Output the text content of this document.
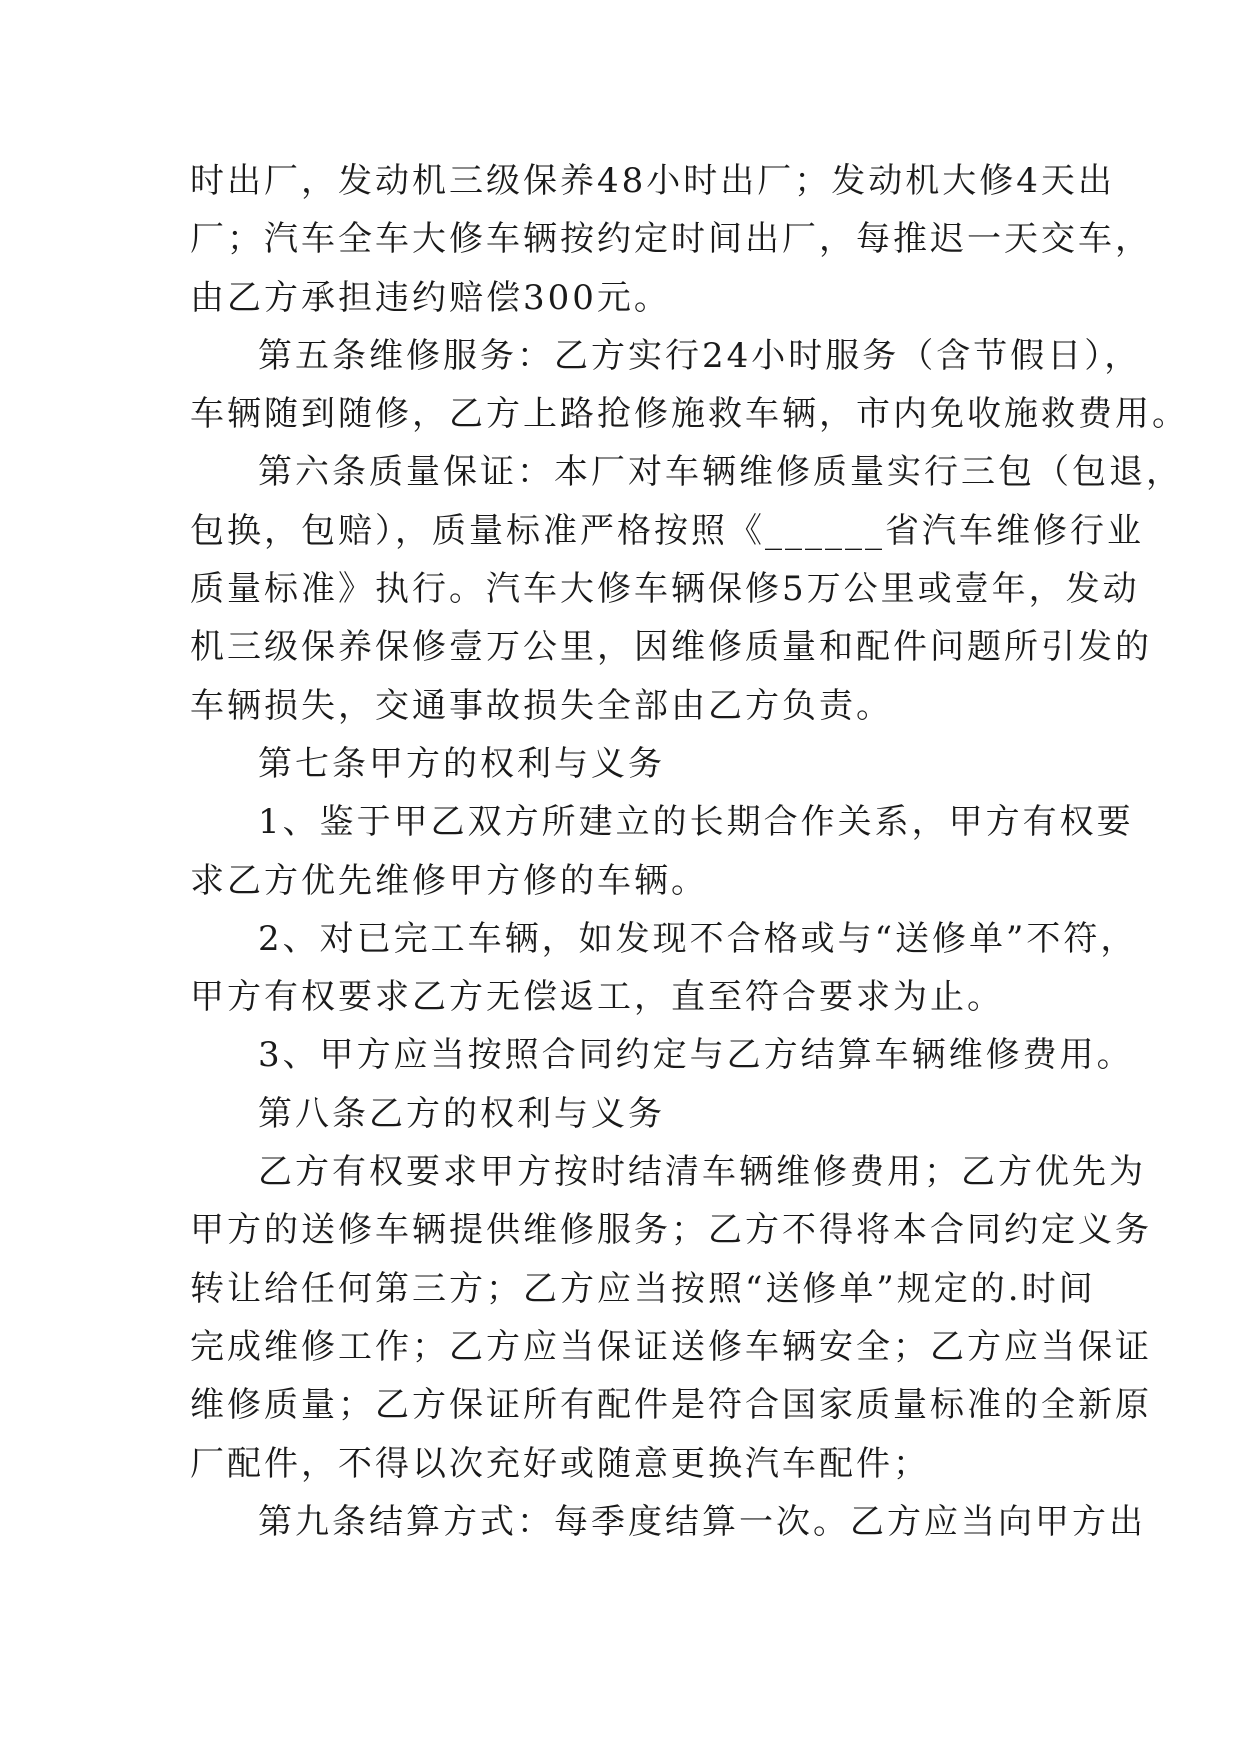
时出厂，发动机三级保养48小时出厂；发动机大修4天出
厂；汽车全车大修车辆按约定时间出厂，每推迟一天交车，
由乙方承担违约赔偿300元。

第五条维修服务：乙方实行24小时服务（含节假日），
车辆随到随修，乙方上路抢修施救车辆，市内免收施救费用。

第六条质量保证：本厂对车辆维修质量实行三包（包退，
包换，包赔），质量标准严格按照《______省汽车维修行业
质量标准》执行。汽车大修车辆保修5万公里或壹年，发动
机三级保养保修壹万公里，因维修质量和配件问题所引发的
车辆损失，交通事故损失全部由乙方负责。

第七条甲方的权利与义务

1、鉴于甲乙双方所建立的长期合作关系，甲方有权要
求乙方优先维修甲方修的车辆。

2、对已完工车辆，如发现不合格或与“送修单”不符，
甲方有权要求乙方无偿返工，直至符合要求为止。

3、甲方应当按照合同约定与乙方结算车辆维修费用。

第八条乙方的权利与义务

乙方有权要求甲方按时结清车辆维修费用；乙方优先为
甲方的送修车辆提供维修服务；乙方不得将本合同约定义务
转让给任何第三方；乙方应当按照“送修单”规定的.时间
完成维修工作；乙方应当保证送修车辆安全；乙方应当保证
维修质量；乙方保证所有配件是符合国家质量标准的全新原
厂配件，不得以次充好或随意更换汽车配件；

第九条结算方式：每季度结算一次。乙方应当向甲方出
